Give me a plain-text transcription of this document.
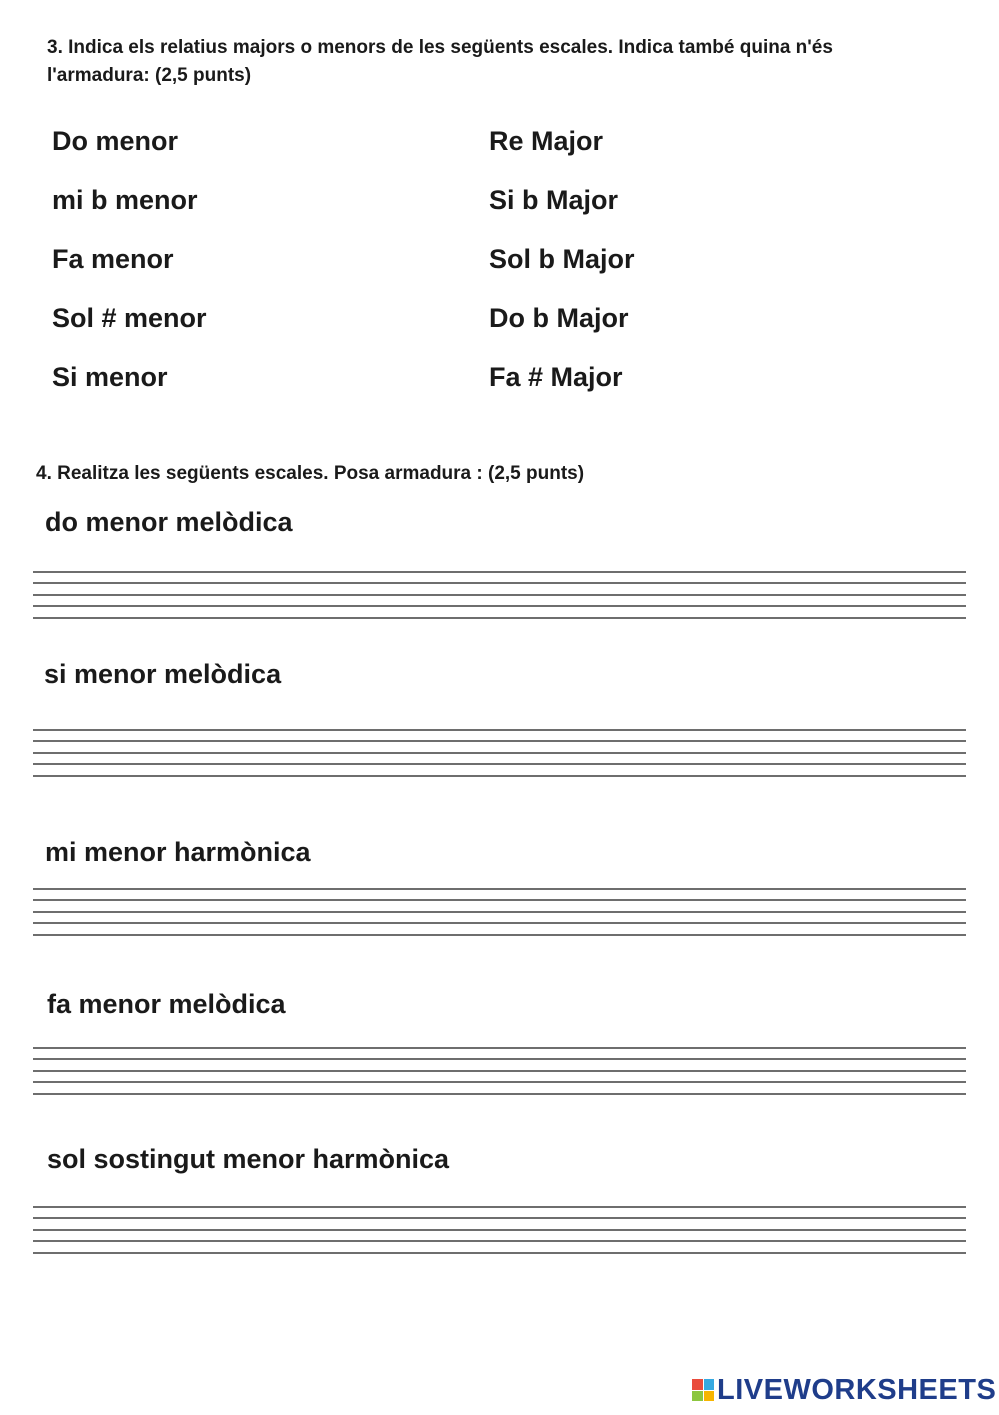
3. Indica els relatius majors o menors de les següents escales. Indica també quina n'és l'armadura: (2,5 punts)

Do menor	Re Major
mi b menor	Si b Major
Fa menor	Sol b Major
Sol # menor	Do b Major
Si menor	Fa # Major

4. Realitza les següents escales. Posa armadura : (2,5 punts)

do menor melòdica
si menor melòdica
mi menor harmònica
fa menor melòdica
sol sostingut menor harmònica
LIVEWORKSHEETS
